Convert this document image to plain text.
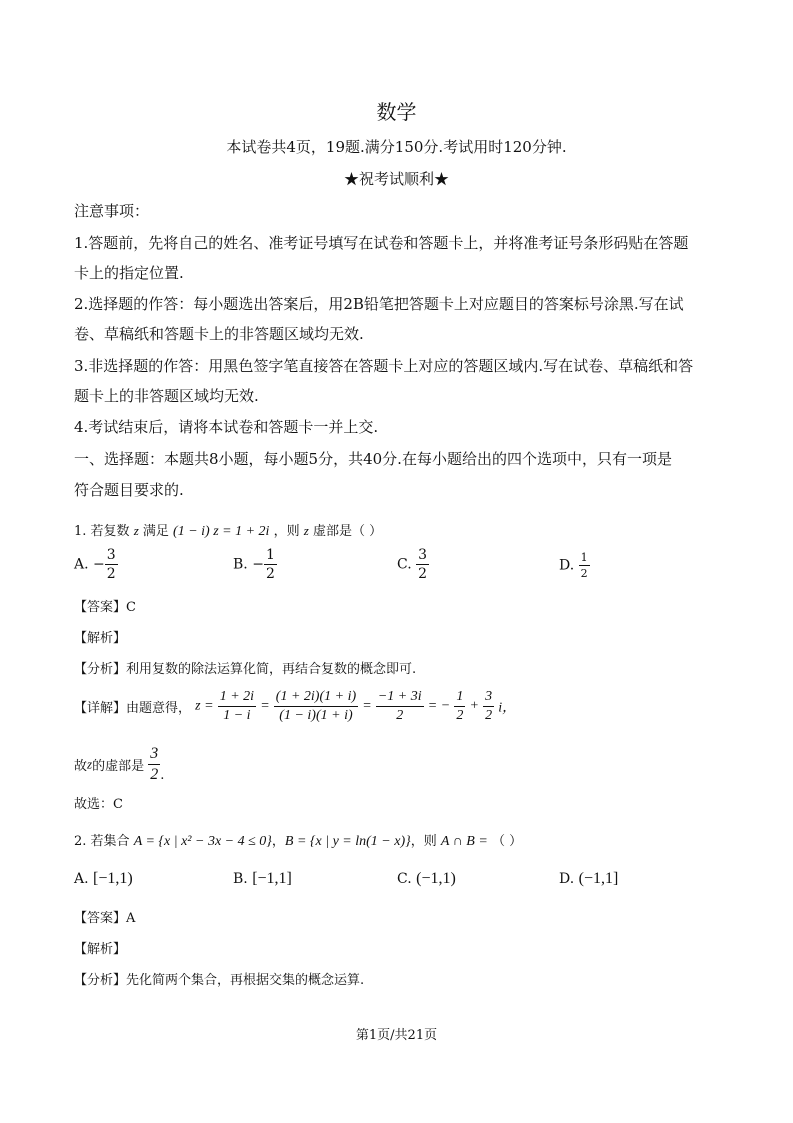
数学
本试卷共4页，19题.满分150分.考试用时120分钟.
★祝考试顺利★
注意事项：
1.答题前，先将自己的姓名、准考证号填写在试卷和答题卡上，并将准考证号条形码贴在答题
卡上的指定位置.
2.选择题的作答：每小题选出答案后，用2B铅笔把答题卡上对应题目的答案标号涂黑.写在试
卷、草稿纸和答题卡上的非答题区域均无效.
3.非选择题的作答：用黑色签字笔直接答在答题卡上对应的答题区域内.写在试卷、草稿纸和答
题卡上的非答题区域均无效.
4.考试结束后，请将本试卷和答题卡一并上交.
一、选择题：本题共8小题，每小题5分，共40分.在每小题给出的四个选项中，只有一项是
符合题目要求的.
1. 若复数 z 满足 (1 − i) z = 1 + 2i ，则 z 虚部是（ ）
A. − $\frac{3}{2}$	B. − $\frac{1}{2}$	C. $\frac{3}{2}$	D. $\frac{1}{2}$
【答案】C
【解析】
【分析】利用复数的除法运算化简，再结合复数的概念即可.
【详解】由题意得， $z = \frac{1 + 2i}{1 - i} = \frac{(1 + 2i)(1 + i)}{(1 - i)(1 + i)} = \frac{-1 + 3i}{2}$ = − $\frac{1}{2} + \frac{3}{2}$ i，
故z的虚部是 $\frac{3}{2}$ .
故选：C
2. 若集合 A = {x | x² − 3x − 4 ≤ 0}，B = {x | y = ln(1 − x)}，则 A ∩ B = （ ）
A. [−1,1)	B. [−1,1]	C. (−1,1)	D. (−1,1]
【答案】A
【解析】
【分析】先化简两个集合，再根据交集的概念运算.
第1页/共21页
